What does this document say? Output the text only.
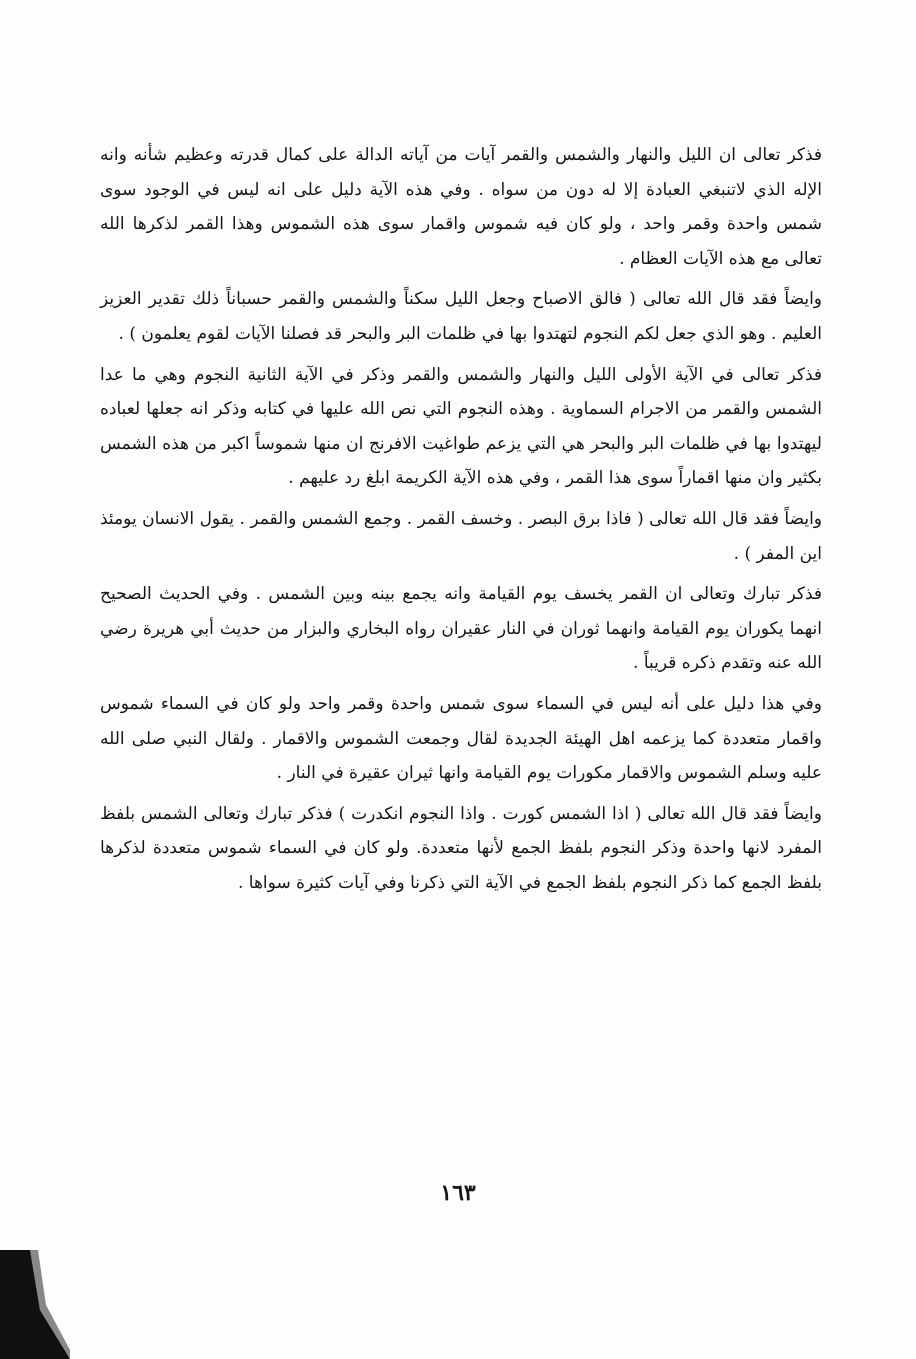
فذكر تعالى ان الليل والنهار والشمس والقمر آيات من آياته الدالة على كمال قدرته وعظيم شأنه وانه الإله الذي لاتنبغي العبادة إلا له دون من سواه . وفي هذه الآية دليل على انه ليس في الوجود سوى شمس واحدة وقمر واحد ، ولو كان فيه شموس واقمار سوى هذه الشموس وهذا القمر لذكرها الله تعالى مع هذه الآيات العظام .

وايضاً فقد قال الله تعالى ( فالق الاصباح وجعل الليل سكناً والشمس والقمر حسباناً ذلك تقدير العزيز العليم . وهو الذي جعل لكم النجوم لتهتدوا بها في ظلمات البر والبحر قد فصلنا الآيات لقوم يعلمون ) .

فذكر تعالى في الآية الأولى الليل والنهار والشمس والقمر وذكر في الآية الثانية النجوم وهي ما عدا الشمس والقمر من الاجرام السماوية . وهذه النجوم التي نص الله عليها في كتابه وذكر انه جعلها لعباده ليهتدوا بها في ظلمات البر والبحر هي التي يزعم طواغيت الافرنج ان منها شموساً اكبر من هذه الشمس بكثير وان منها اقماراً سوى هذا القمر ، وفي هذه الآية الكريمة ابلغ رد عليهم .

وايضاً فقد قال الله تعالى ( فاذا برق البصر . وخسف القمر . وجمع الشمس والقمر . يقول الانسان يومئذ اين المفر ) .

فذكر تبارك وتعالى ان القمر يخسف يوم القيامة وانه يجمع بينه وبين الشمس . وفي الحديث الصحيح انهما يكوران يوم القيامة وانهما ثوران في النار عقيران رواه البخاري والبزار من حديث أبي هريرة رضي الله عنه وتقدم ذكره قريباً .

وفي هذا دليل على أنه ليس في السماء سوى شمس واحدة وقمر واحد ولو كان في السماء شموس واقمار متعددة كما يزعمه اهل الهيئة الجديدة لقال وجمعت الشموس والاقمار . ولقال النبي صلى الله عليه وسلم الشموس والاقمار مكورات يوم القيامة وانها ثيران عقيرة في النار .

وايضاً فقد قال الله تعالى ( اذا الشمس كورت . واذا النجوم انكدرت ) فذكر تبارك وتعالى الشمس بلفظ المفرد لانها واحدة وذكر النجوم بلفظ الجمع لأنها متعددة. ولو كان في السماء شموس متعددة لذكرها بلفظ الجمع كما ذكر النجوم بلفظ الجمع في الآية التي ذكرنا وفي آيات كثيرة سواها .

١٦٣
